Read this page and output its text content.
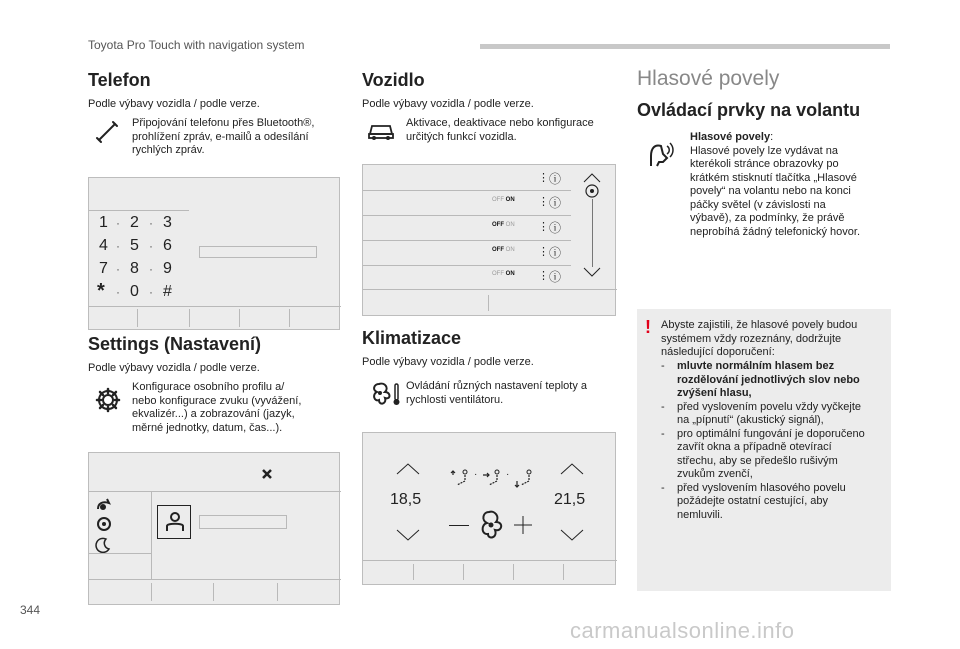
Toyota Pro Touch with navigation system
Telefon
Podle výbavy vozidla / podle verze.
Připojování telefonu přes Bluetooth®,
prohlížení zpráv, e-mailů a odesílání
rychlých zpráv.
1 2 3
4 5 6
7 8 9
* 0 #
· ·
· ·
· ·
· ·
Settings (Nastavení)
Podle výbavy vozidla / podle verze.
Konfigurace osobního profilu a/
nebo konfigurace zvuku (vyvážení,
ekvalizér...) a zobrazování (jazyk,
měrné jednotky, datum, čas...).
Vozidlo
Podle výbavy vozidla / podle verze.
Aktivace, deaktivace nebo konfigurace
určitých funkcí vozidla.
⋮ ⓘ
OFF ON ⋮ ⓘ
OFF ON ⋮ ⓘ
OFF ON ⋮ ⓘ
OFF ON ⋮ ⓘ
Klimatizace
Podle výbavy vozidla / podle verze.
Ovládání různých nastavení teploty a
rychlosti ventilátoru.
·	·
18,5	21,5
Hlasové povely
Ovládací prvky na volantu
Hlasové povely:
Hlasové povely lze vydávat na
kterékoli stránce obrazovky po
krátkém stisknutí tlačítka „Hlasové
povely“ na volantu nebo na konci
páčky světel (v závislosti na
výbavě), za podmínky, že právě
neprobíhá žádný telefonický hovor.
! Abyste zajistili, že hlasové povely budou
systémem vždy rozeznány, dodržujte
následující doporučení:
- mluvte normálním hlasem bez
rozdělování jednotlivých slov nebo
zvýšení hlasu,
- před vyslovením povelu vždy vyčkejte
na „pípnutí“ (akustický signál),
- pro optimální fungování je doporučeno
zavřít okna a případně otevírací
střechu, aby se předešlo rušivým
zvukům zvenčí,
- před vyslovením hlasového povelu
požádejte ostatní cestující, aby
nemluvili.
344
carmanualsonline.info
